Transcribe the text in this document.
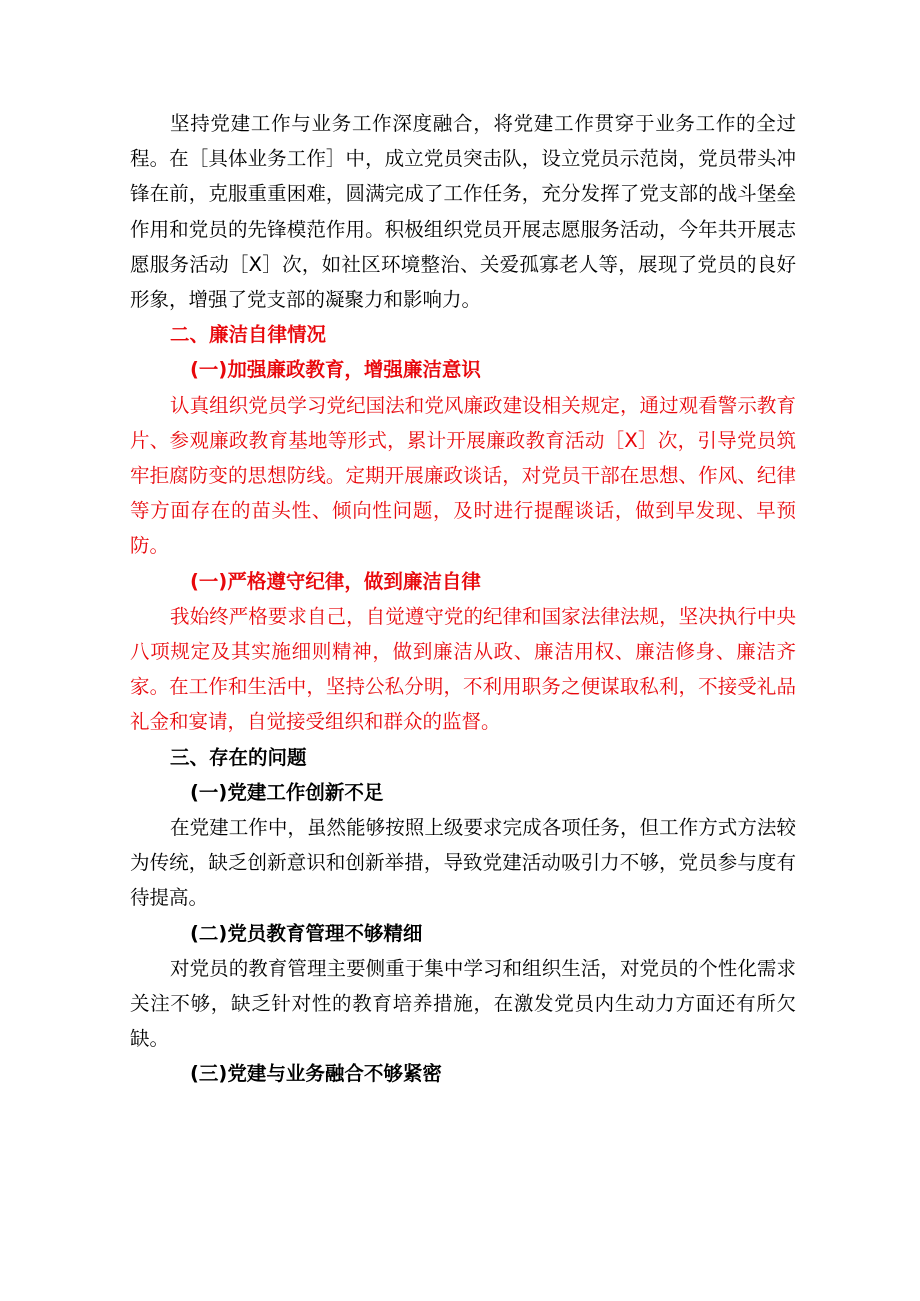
坚持党建工作与业务工作深度融合，将党建工作贯穿于业务工作的全过程。在［具体业务工作］中，成立党员突击队，设立党员示范岗，党员带头冲锋在前，克服重重困难，圆满完成了工作任务，充分发挥了党支部的战斗堡垒作用和党员的先锋模范作用。积极组织党员开展志愿服务活动，今年共开展志愿服务活动［X］次，如社区环境整治、关爱孤寡老人等，展现了党员的良好形象，增强了党支部的凝聚力和影响力。

二、廉洁自律情况

(一)加强廉政教育，增强廉洁意识

认真组织党员学习党纪国法和党风廉政建设相关规定，通过观看警示教育片、参观廉政教育基地等形式，累计开展廉政教育活动［X］次，引导党员筑牢拒腐防变的思想防线。定期开展廉政谈话，对党员干部在思想、作风、纪律等方面存在的苗头性、倾向性问题，及时进行提醒谈话，做到早发现、早预防。

(一)严格遵守纪律，做到廉洁自律

我始终严格要求自己，自觉遵守党的纪律和国家法律法规，坚决执行中央八项规定及其实施细则精神，做到廉洁从政、廉洁用权、廉洁修身、廉洁齐家。在工作和生活中，坚持公私分明，不利用职务之便谋取私利，不接受礼品礼金和宴请，自觉接受组织和群众的监督。

三、存在的问题

(一)党建工作创新不足

在党建工作中，虽然能够按照上级要求完成各项任务，但工作方式方法较为传统，缺乏创新意识和创新举措，导致党建活动吸引力不够，党员参与度有待提高。

(二)党员教育管理不够精细

对党员的教育管理主要侧重于集中学习和组织生活，对党员的个性化需求关注不够，缺乏针对性的教育培养措施，在激发党员内生动力方面还有所欠缺。

(三)党建与业务融合不够紧密
